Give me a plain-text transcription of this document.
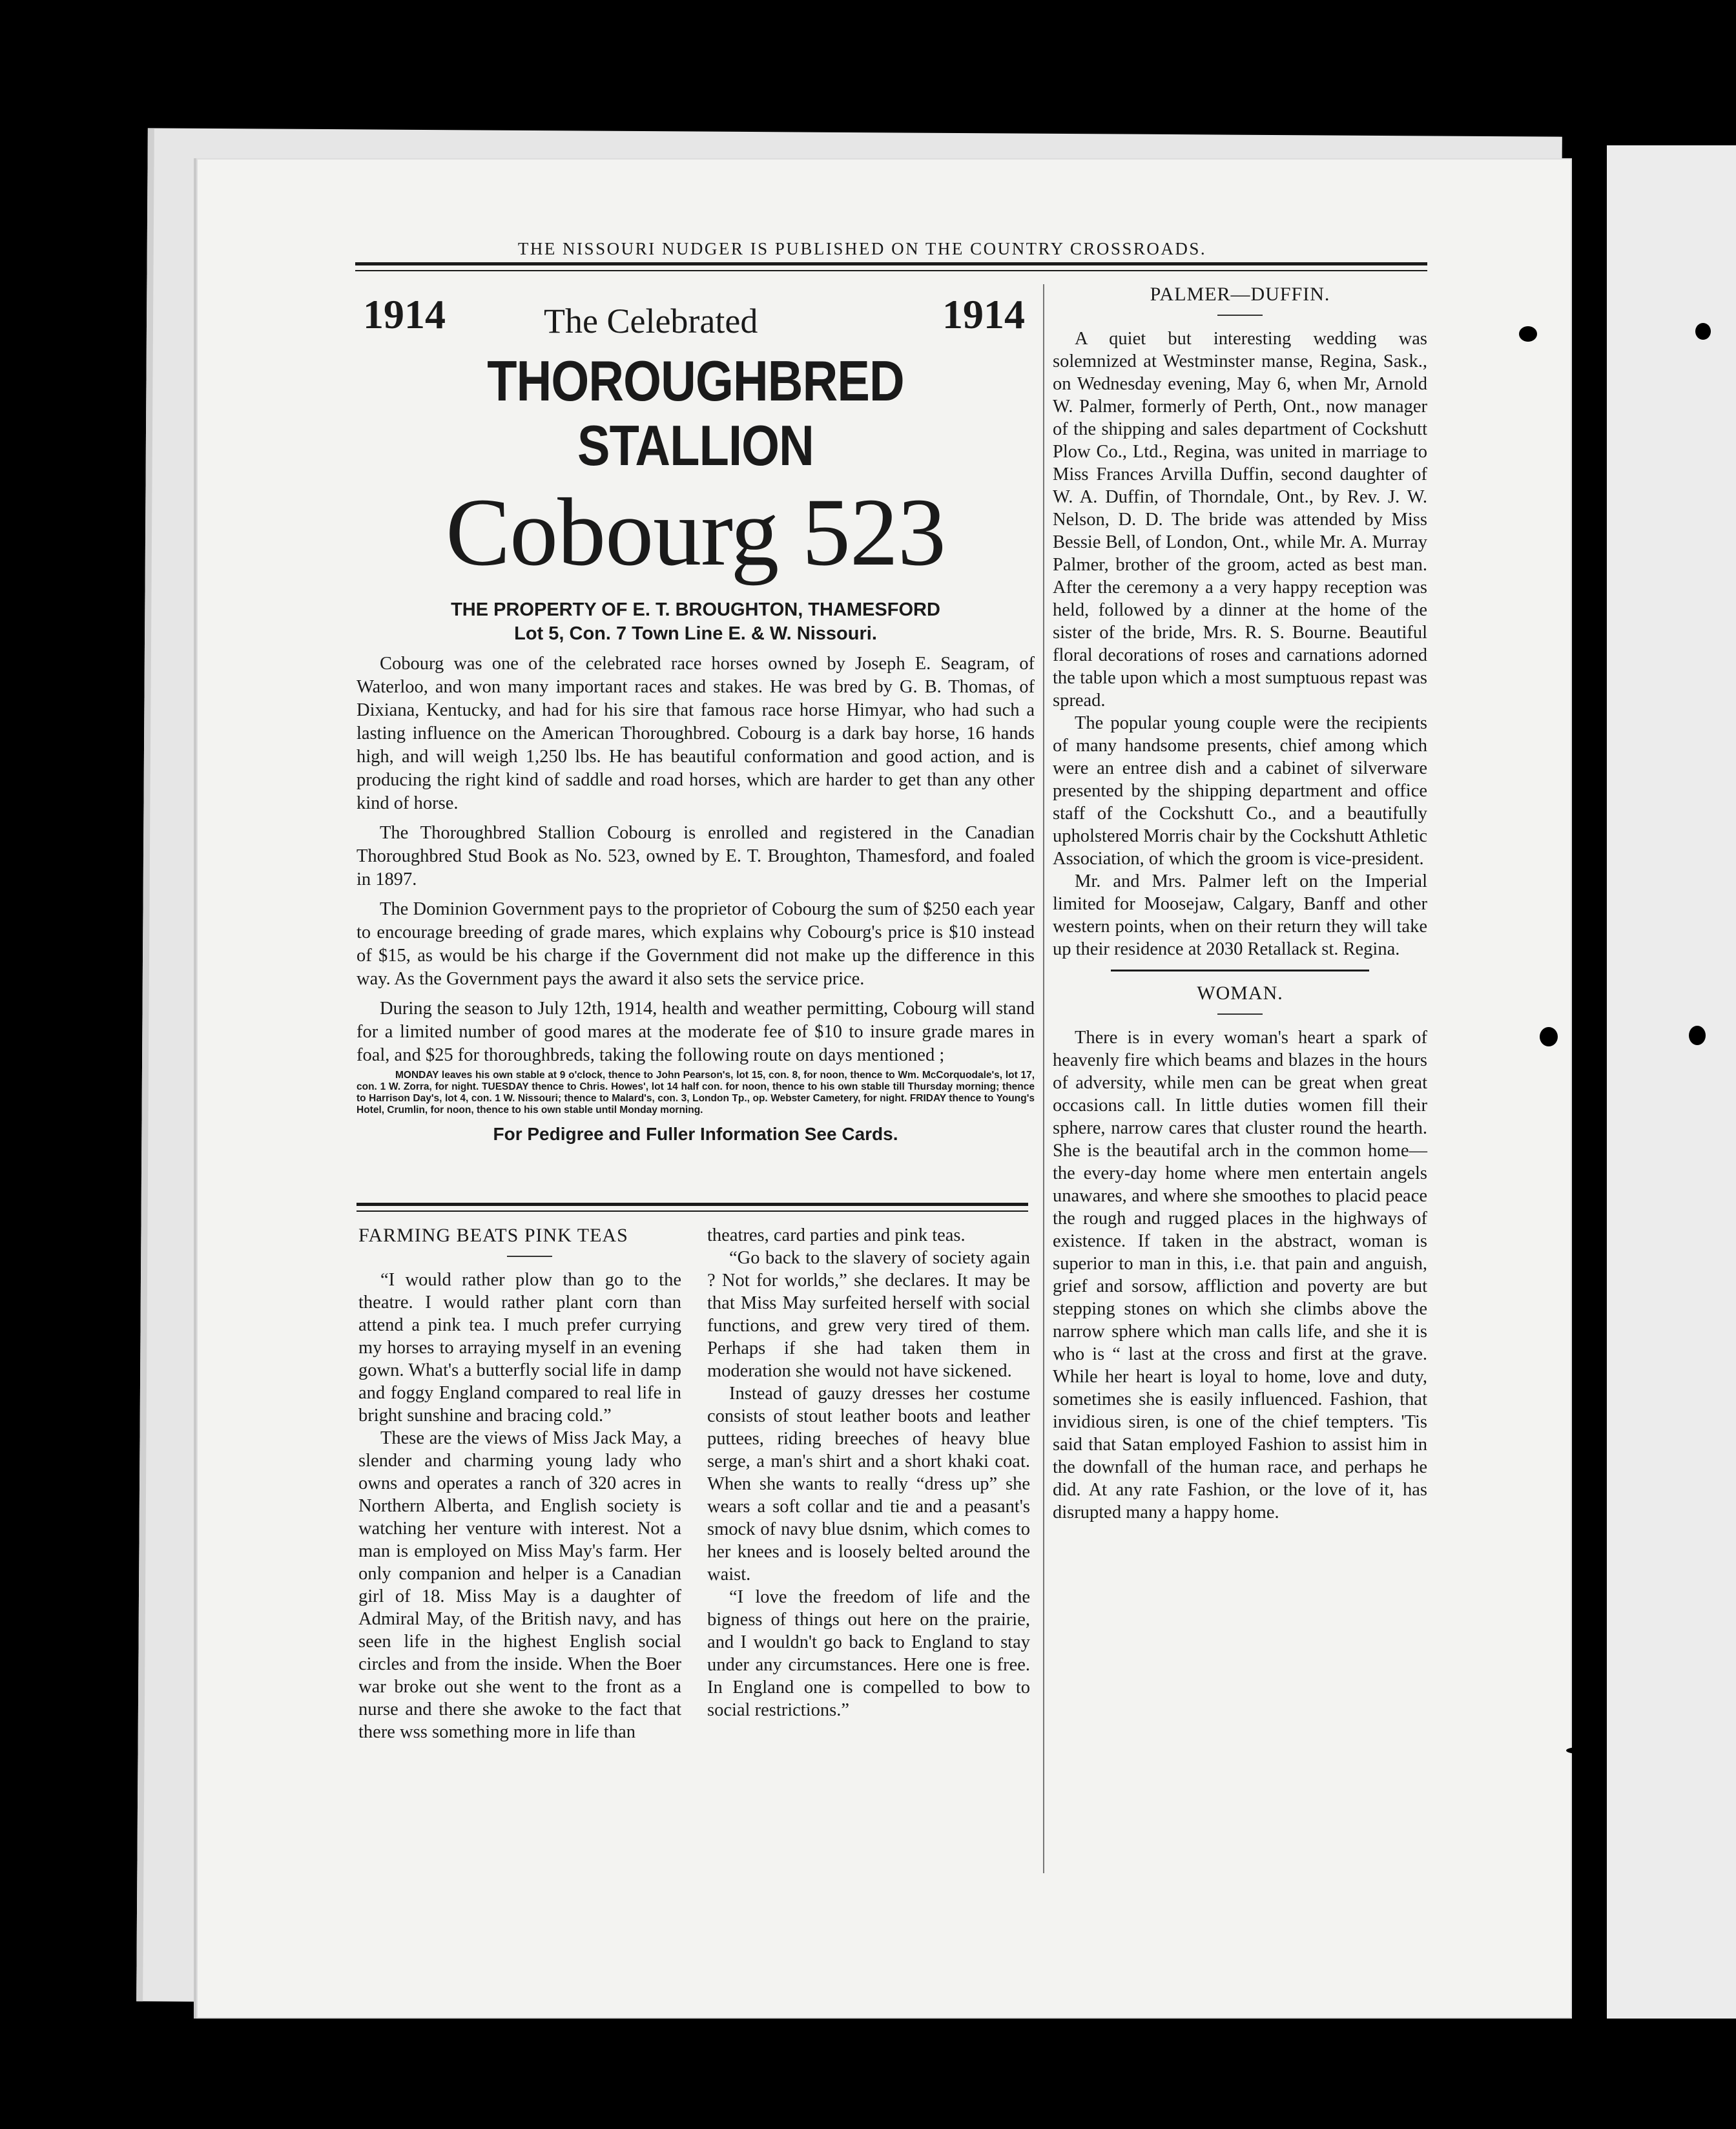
THE NISSOURI NUDGER IS PUBLISHED ON THE COUNTRY CROSSROADS.
1914	The Celebrated	1914
THOROUGHBRED STALLION
Cobourg 523
THE PROPERTY OF E. T. BROUGHTON, THAMESFORD
Lot 5, Con. 7 Town Line E. & W. Nissouri.

Cobourg was one of the celebrated race horses owned by Joseph E. Seagram, of Waterloo, and won many important races and stakes. He was bred by G. B. Thomas, of Dixiana, Kentucky, and had for his sire that famous race horse Himyar, who had such a lasting influence on the American Thoroughbred. Cobourg is a dark bay horse, 16 hands high, and will weigh 1,250 lbs. He has beautiful conformation and good action, and is producing the right kind of saddle and road horses, which are harder to get than any other kind of horse.

The Thoroughbred Stallion Cobourg is enrolled and registered in the Canadian Thoroughbred Stud Book as No. 523, owned by E. T. Broughton, Thamesford, and foaled in 1897.

The Dominion Government pays to the proprietor of Cobourg the sum of $250 each year to encourage breeding of grade mares, which explains why Cobourg's price is $10 instead of $15, as would be his charge if the Government did not make up the difference in this way. As the Government pays the award it also sets the service price.

During the season to July 12th, 1914, health and weather permitting, Cobourg will stand for a limited number of good mares at the moderate fee of $10 to insure grade mares in foal, and $25 for thoroughbreds, taking the following route on days mentioned ;

MONDAY leaves his own stable at 9 o'clock, thence to John Pearson's, lot 15, con. 8, for noon, thence to Wm. McCorquodale's, lot 17, con. 1 W. Zorra, for night. TUESDAY thence to Chris. Howes', lot 14 half con. for noon, thence to his own stable till Thursday morning; thence to Harrison Day's, lot 4, con. 1 W. Nissouri; thence to Malard's, con. 3, London Tp., op. Webster Cametery, for night. FRIDAY thence to Young's Hotel, Crumlin, for noon, thence to his own stable until Monday morning.

For Pedigree and Fuller Information See Cards.

FARMING BEATS PINK TEAS

“I would rather plow than go to the theatre. I would rather plant corn than attend a pink tea. I much prefer currying my horses to arraying myself in an evening gown. What's a butterfly social life in damp and foggy England compared to real life in bright sunshine and bracing cold.”

These are the views of Miss Jack May, a slender and charming young lady who owns and operates a ranch of 320 acres in Northern Alberta, and English society is watching her venture with interest. Not a man is employed on Miss May's farm. Her only companion and helper is a Canadian girl of 18. Miss May is a daughter of Admiral May, of the British navy, and has seen life in the highest English social circles and from the inside. When the Boer war broke out she went to the front as a nurse and there she awoke to the fact that there wss something more in life than

theatres, card parties and pink teas.

“Go back to the slavery of society again ? Not for worlds,” she declares. It may be that Miss May surfeited herself with social functions, and grew very tired of them. Perhaps if she had taken them in moderation she would not have sickened.

Instead of gauzy dresses her costume consists of stout leather boots and leather puttees, riding breeches of heavy blue serge, a man's shirt and a short khaki coat. When she wants to really “dress up” she wears a soft collar and tie and a peasant's smock of navy blue dsnim, which comes to her knees and is loosely belted around the waist.

“I love the freedom of life and the bigness of things out here on the prairie, and I wouldn't go back to England to stay under any circumstances. Here one is free. In England one is compelled to bow to social restrictions.”

PALMER—DUFFIN.

A quiet but interesting wedding was solemnized at Westminster manse, Regina, Sask., on Wednesday evening, May 6, when Mr, Arnold W. Palmer, formerly of Perth, Ont., now manager of the shipping and sales department of Cockshutt Plow Co., Ltd., Regina, was united in marriage to Miss Frances Arvilla Duffin, second daughter of W. A. Duffin, of Thorndale, Ont., by Rev. J. W. Nelson, D. D. The bride was attended by Miss Bessie Bell, of London, Ont., while Mr. A. Murray Palmer, brother of the groom, acted as best man. After the ceremony a a very happy reception was held, followed by a dinner at the home of the sister of the bride, Mrs. R. S. Bourne. Beautiful floral decorations of roses and carnations adorned the table upon which a most sumptuous repast was spread.

The popular young couple were the recipients of many handsome presents, chief among which were an entree dish and a cabinet of silverware presented by the shipping department and office staff of the Cockshutt Co., and a beautifully upholstered Morris chair by the Cockshutt Athletic Association, of which the groom is vice-president.

Mr. and Mrs. Palmer left on the Imperial limited for Moosejaw, Calgary, Banff and other western points, when on their return they will take up their residence at 2030 Retallack st. Regina.

WOMAN.

There is in every woman's heart a spark of heavenly fire which beams and blazes in the hours of adversity, while men can be great when great occasions call. In little duties women fill their sphere, narrow cares that cluster round the hearth. She is the beautifal arch in the common home—the every-day home where men entertain angels unawares, and where she smoothes to placid peace the rough and rugged places in the highways of existence. If taken in the abstract, woman is superior to man in this, i.e. that pain and anguish, grief and sorsow, affliction and poverty are but stepping stones on which she climbs above the narrow sphere which man calls life, and she it is who is “ last at the cross and first at the grave. While her heart is loyal to home, love and duty, sometimes she is easily influenced. Fashion, that invidious siren, is one of the chief tempters. 'Tis said that Satan employed Fashion to assist him in the downfall of the human race, and perhaps he did. At any rate Fashion, or the love of it, has disrupted many a happy home.
